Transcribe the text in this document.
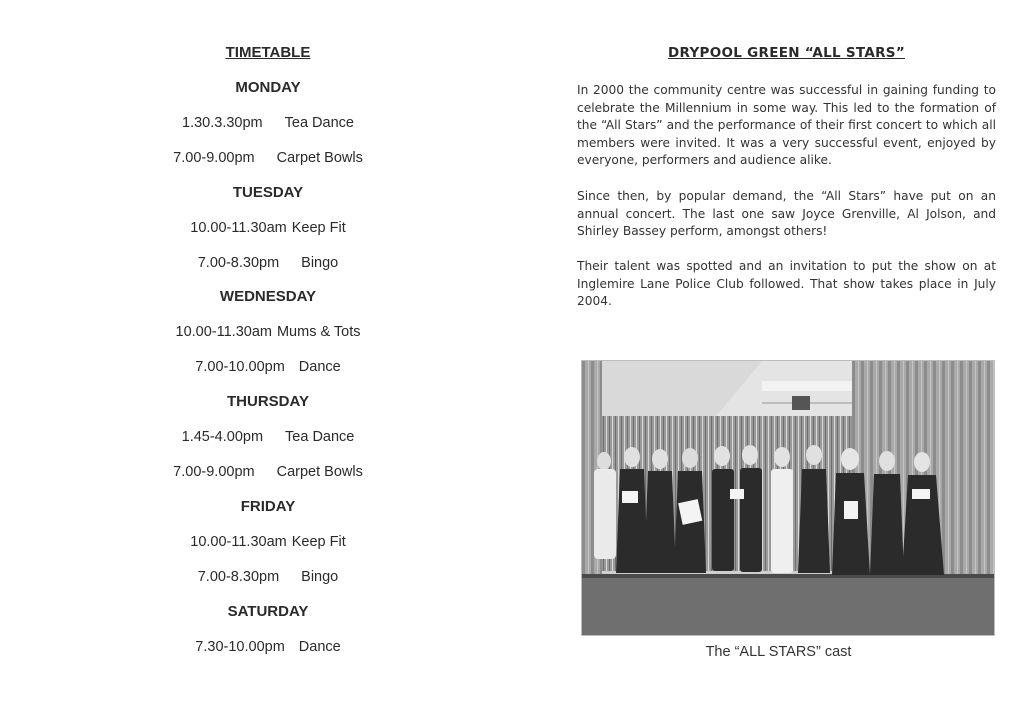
TIMETABLE
MONDAY
1.30.3.30pm Tea Dance
7.00-9.00pm Carpet Bowls
TUESDAY
10.00-11.30am Keep Fit
7.00-8.30pm Bingo
WEDNESDAY
10.00-11.30am Mums & Tots
7.00-10.00pm Dance
THURSDAY
1.45-4.00pm Tea Dance
7.00-9.00pm Carpet Bowls
FRIDAY
10.00-11.30am Keep Fit
7.00-8.30pm Bingo
SATURDAY
7.30-10.00pm Dance
DRYPOOL GREEN “ALL STARS”

In 2000 the community centre was successful in gaining funding to celebrate the Millennium in some way. This led to the formation of the “All Stars” and the performance of their first concert to which all members were invited. It was a very successful event, enjoyed by everyone, performers and audience alike.

Since then, by popular demand, the “All Stars” have put on an annual concert. The last one saw Joyce Grenville, Al Jolson, and Shirley Bassey perform, amongst others!

Their talent was spotted and an invitation to put the show on at Inglemire Lane Police Club followed. That show takes place in July 2004.

The “ALL STARS” cast
